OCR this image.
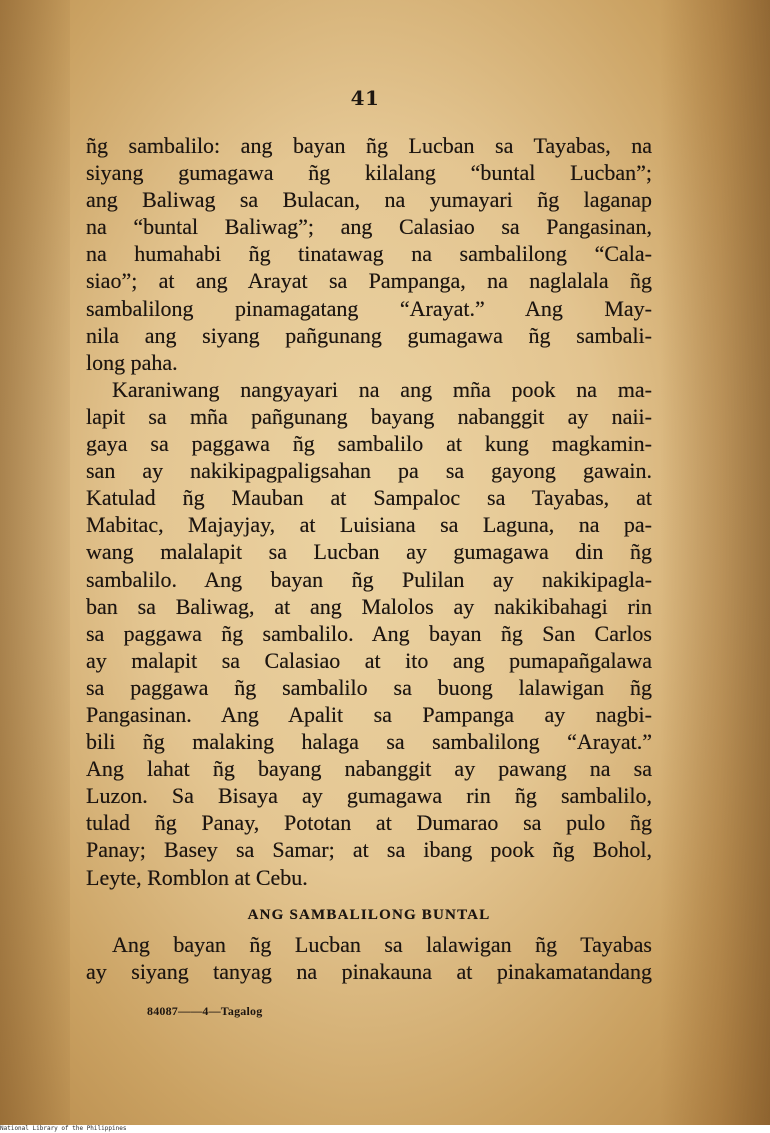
41
ñg sambalilo: ang bayan ñg Lucban sa Tayabas, na
siyang gumagawa ñg kilalang “buntal Lucban”;
ang Baliwag sa Bulacan, na yumayari ñg laganap
na “buntal Baliwag”; ang Calasiao sa Pangasinan,
na humahabi ñg tinatawag na sambalilong “Cala-
siao”; at ang Arayat sa Pampanga, na naglalala ñg
sambalilong pinamagatang “Arayat.” Ang May-
nila ang siyang pañgunang gumagawa ñg sambali-
long paha.
Karaniwang nangyayari na ang mña pook na ma-
lapit sa mña pañgunang bayang nabanggit ay naii-
gaya sa paggawa ñg sambalilo at kung magkamin-
san ay nakikipagpaligsahan pa sa gayong gawain.
Katulad ñg Mauban at Sampaloc sa Tayabas, at
Mabitac, Majayjay, at Luisiana sa Laguna, na pa-
wang malalapit sa Lucban ay gumagawa din ñg
sambalilo. Ang bayan ñg Pulilan ay nakikipagla-
ban sa Baliwag, at ang Malolos ay nakikibahagi rin
sa paggawa ñg sambalilo. Ang bayan ñg San Carlos
ay malapit sa Calasiao at ito ang pumapañgalawa
sa paggawa ñg sambalilo sa buong lalawigan ñg
Pangasinan. Ang Apalit sa Pampanga ay nagbi-
bili ñg malaking halaga sa sambalilong “Arayat.”
Ang lahat ñg bayang nabanggit ay pawang na sa
Luzon. Sa Bisaya ay gumagawa rin ñg sambalilo,
tulad ñg Panay, Pototan at Dumarao sa pulo ñg
Panay; Basey sa Samar; at sa ibang pook ñg Bohol,
Leyte, Romblon at Cebu.
ANG SAMBALILONG BUNTAL
Ang bayan ñg Lucban sa lalawigan ñg Tayabas
ay siyang tanyag na pinakauna at pinakamatandang
84087——4—Tagalog
National Library of the Philippines
